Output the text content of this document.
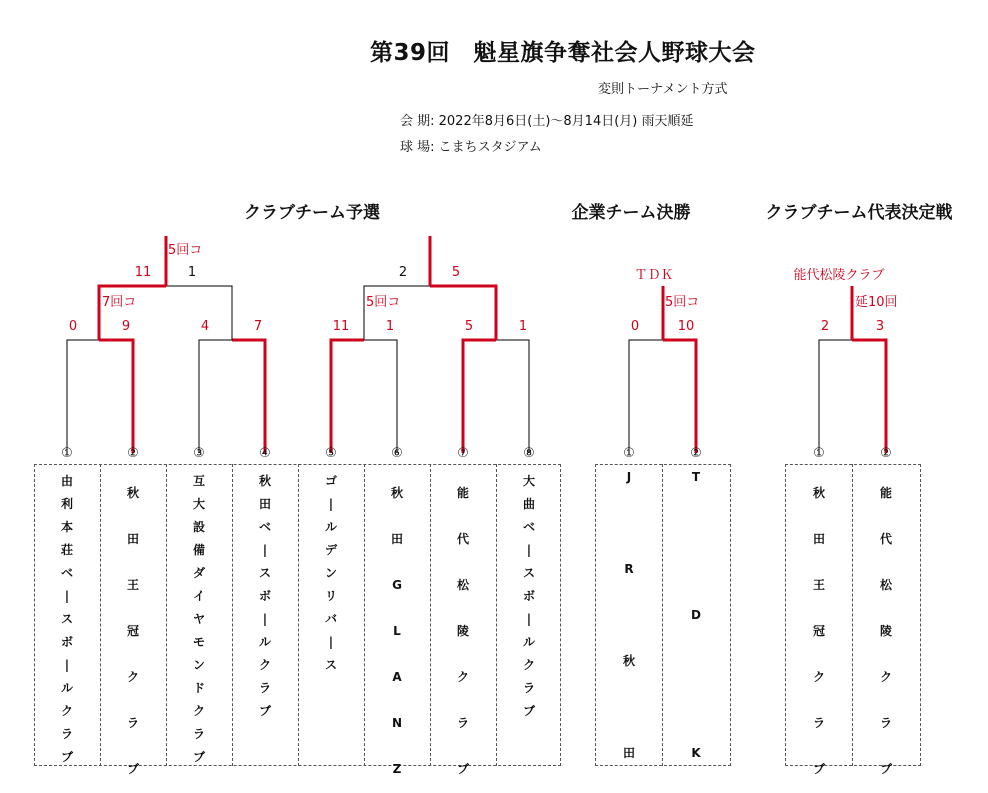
第39回　魁星旗争奪社会人野球大会
変則トーナメント方式
会 期: 2022年8月6日(土)～8月14日(月) 雨天順延
球 場: こまちスタジアム
クラブチーム予選	企業チーム決勝	クラブチーム代表決定戦
5回コ
11	1	2	5
7回コ	5回コ
0	9	4	7	11	1	5	1
ＴＤＫ
5回コ
0	10
能代松陵クラブ
延10回
2	3
①	②	③	④	⑤	⑥	⑦	⑧	①	②	①	②
由
利
本
荘
ベ
|
ス
ボ
|
ル
ク
ラ
ブ
秋
田
王
冠
ク
ラ
ブ
互
大
設
備
ダ
イ
ヤ
モ
ン
ド
ク
ラ
ブ
秋
田
ベ
|
ス
ボ
|
ル
ク
ラ
ブ
ゴ
|
ル
デ
ン
リ
バ
|
ス
秋
田
G
L
A
N
Z
能
代
松
陵
ク
ラ
ブ
大
曲
ベ
|
ス
ボ
|
ル
ク
ラ
ブ
J
R
秋
田
T
D
K
秋
田
王
冠
ク
ラ
ブ
能
代
松
陵
ク
ラ
ブ
